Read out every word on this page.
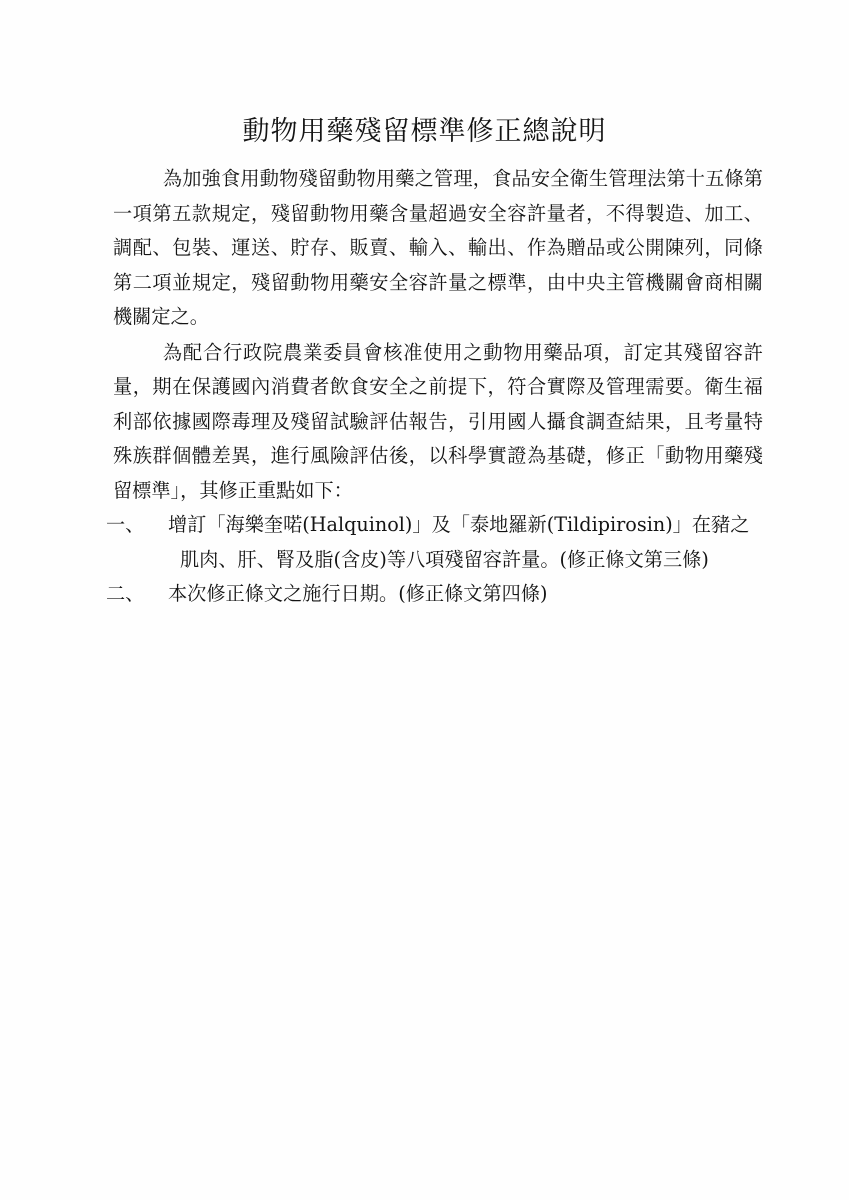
動物用藥殘留標準修正總說明

為加強食用動物殘留動物用藥之管理，食品安全衛生管理法第十五條第一項第五款規定，殘留動物用藥含量超過安全容許量者，不得製造、加工、調配、包裝、運送、貯存、販賣、輸入、輸出、作為贈品或公開陳列，同條第二項並規定，殘留動物用藥安全容許量之標準，由中央主管機關會商相關機關定之。

為配合行政院農業委員會核准使用之動物用藥品項，訂定其殘留容許量，期在保護國內消費者飲食安全之前提下，符合實際及管理需要。衛生福利部依據國際毒理及殘留試驗評估報告，引用國人攝食調查結果，且考量特殊族群個體差異，進行風險評估後，以科學實證為基礎，修正「動物用藥殘留標準」，其修正重點如下：

一、	增訂「海樂奎喏(Halquinol)」及「泰地羅新(Tildipirosin)」在豬之
肌肉、肝、腎及脂(含皮)等八項殘留容許量。(修正條文第三條)
二、	本次修正條文之施行日期。(修正條文第四條)
